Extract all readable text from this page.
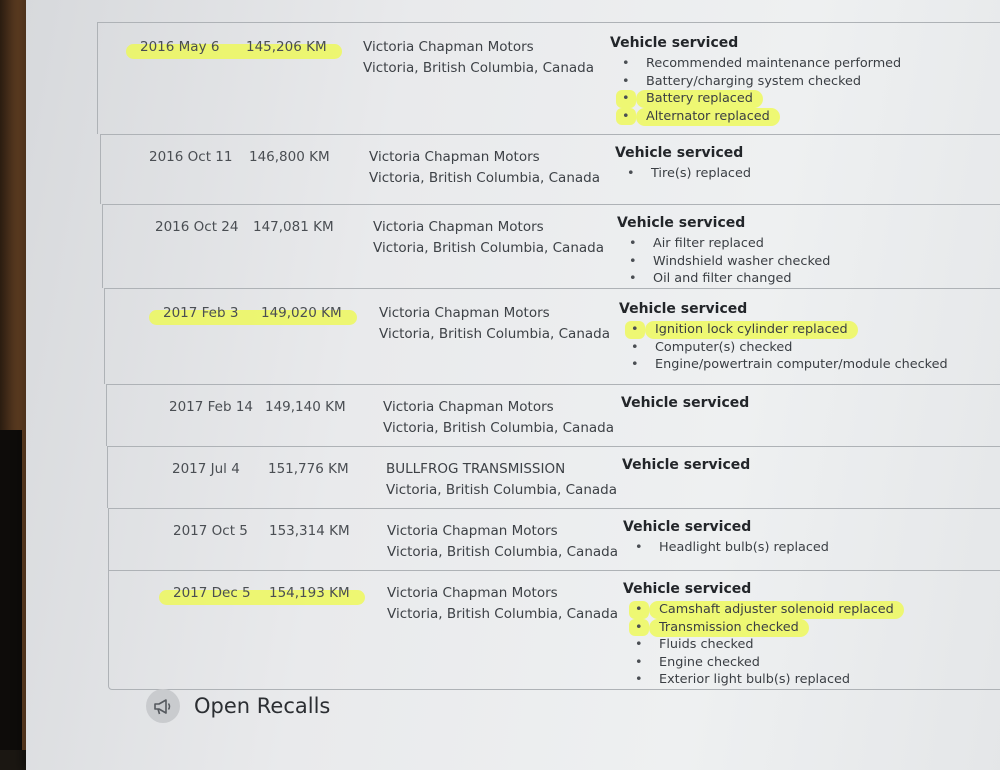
2016 May 6 145,206 KM	Victoria Chapman Motors
Victoria, British Columbia, Canada
Vehicle serviced
• Recommended maintenance performed
• Battery/charging system checked
• Battery replaced
• Alternator replaced
2016 Oct 11 146,800 KM	Victoria Chapman Motors
Victoria, British Columbia, Canada
Vehicle serviced
• Tire(s) replaced
2016 Oct 24 147,081 KM	Victoria Chapman Motors
Victoria, British Columbia, Canada
Vehicle serviced
• Air filter replaced
• Windshield washer checked
• Oil and filter changed
2017 Feb 3 149,020 KM	Victoria Chapman Motors
Victoria, British Columbia, Canada
Vehicle serviced
• Ignition lock cylinder replaced
• Computer(s) checked
• Engine/powertrain computer/module checked
2017 Feb 14 149,140 KM	Victoria Chapman Motors
Victoria, British Columbia, Canada
Vehicle serviced
2017 Jul 4 151,776 KM	BULLFROG TRANSMISSION
Victoria, British Columbia, Canada
Vehicle serviced
2017 Oct 5 153,314 KM	Victoria Chapman Motors
Victoria, British Columbia, Canada
Vehicle serviced
• Headlight bulb(s) replaced
2017 Dec 5 154,193 KM	Victoria Chapman Motors
Victoria, British Columbia, Canada
Vehicle serviced
• Camshaft adjuster solenoid replaced
• Transmission checked
• Fluids checked
• Engine checked
• Exterior light bulb(s) replaced
Open Recalls
